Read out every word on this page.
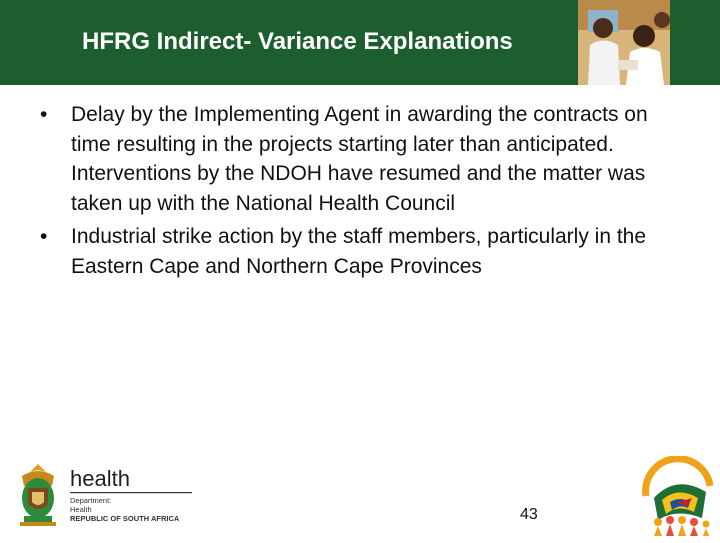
HFRG Indirect- Variance Explanations
• Delay by the Implementing Agent in awarding the contracts on time resulting in the projects starting later than anticipated. Interventions by the NDOH have resumed and the matter was taken up with the National Health Council
• Industrial strike action by the staff members, particularly in the Eastern Cape and Northern Cape Provinces
health
Department:
Health
REPUBLIC OF SOUTH AFRICA	43
